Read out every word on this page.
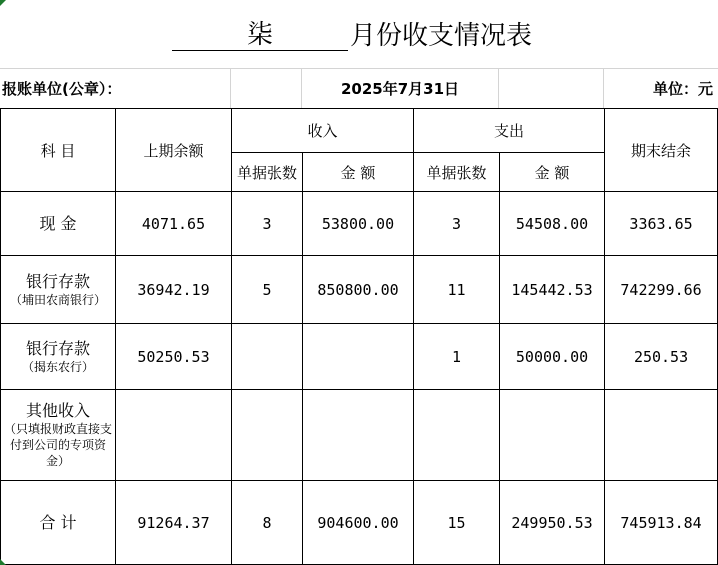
柒	月份收支情况表
报账单位(公章）：	2025年7月31日	单位：元
科 目	上期余额	收入		支出		期末结余
		单据张数	金 额	单据张数	金 额	

现 金	4071.65	3	53800.00	3	54508.00	3363.65

银行存款
（埔田农商银行）	36942.19	5	850800.00	11	145442.53	742299.66

银行存款
（揭东农行）	50250.53			1	50000.00	250.53

其他收入
（只填报财政直接支付到公司的专项资金）						

合 计	91264.37	8	904600.00	15	249950.53	745913.84
